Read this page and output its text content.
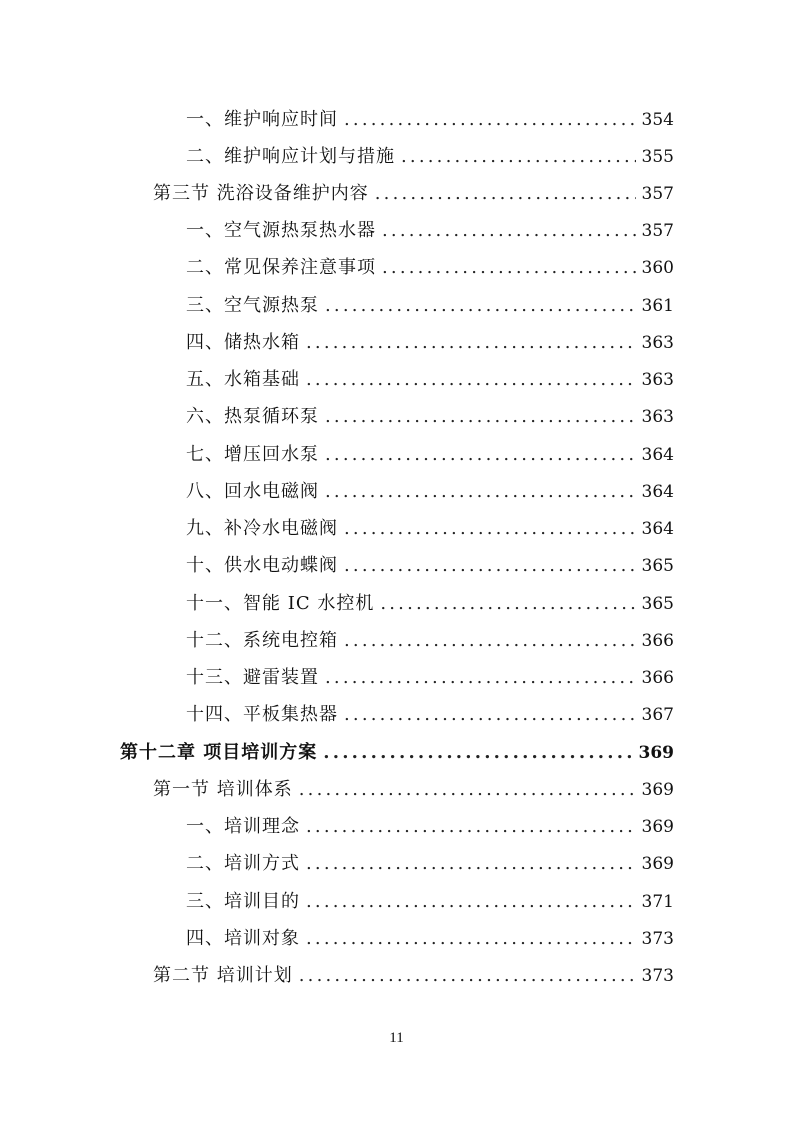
一、维护响应时间 .....	354
二、维护响应计划与措施 .....	355
第三节 洗浴设备维护内容 .....	357
一、空气源热泵热水器 .....	357
二、常见保养注意事项 .....	360
三、空气源热泵 .....	361
四、储热水箱 .....	363
五、水箱基础 .....	363
六、热泵循环泵 .....	363
七、增压回水泵 .....	364
八、回水电磁阀 .....	364
九、补冷水电磁阀 .....	364
十、供水电动蝶阀 .....	365
十一、智能 IC 水控机 .....	365
十二、系统电控箱 .....	366
十三、避雷装置 .....	366
十四、平板集热器 .....	367
第十二章 项目培训方案 .....	369
第一节 培训体系 .....	369
一、培训理念 .....	369
二、培训方式 .....	369
三、培训目的 .....	371
四、培训对象 .....	373
第二节 培训计划 .....	373
11
